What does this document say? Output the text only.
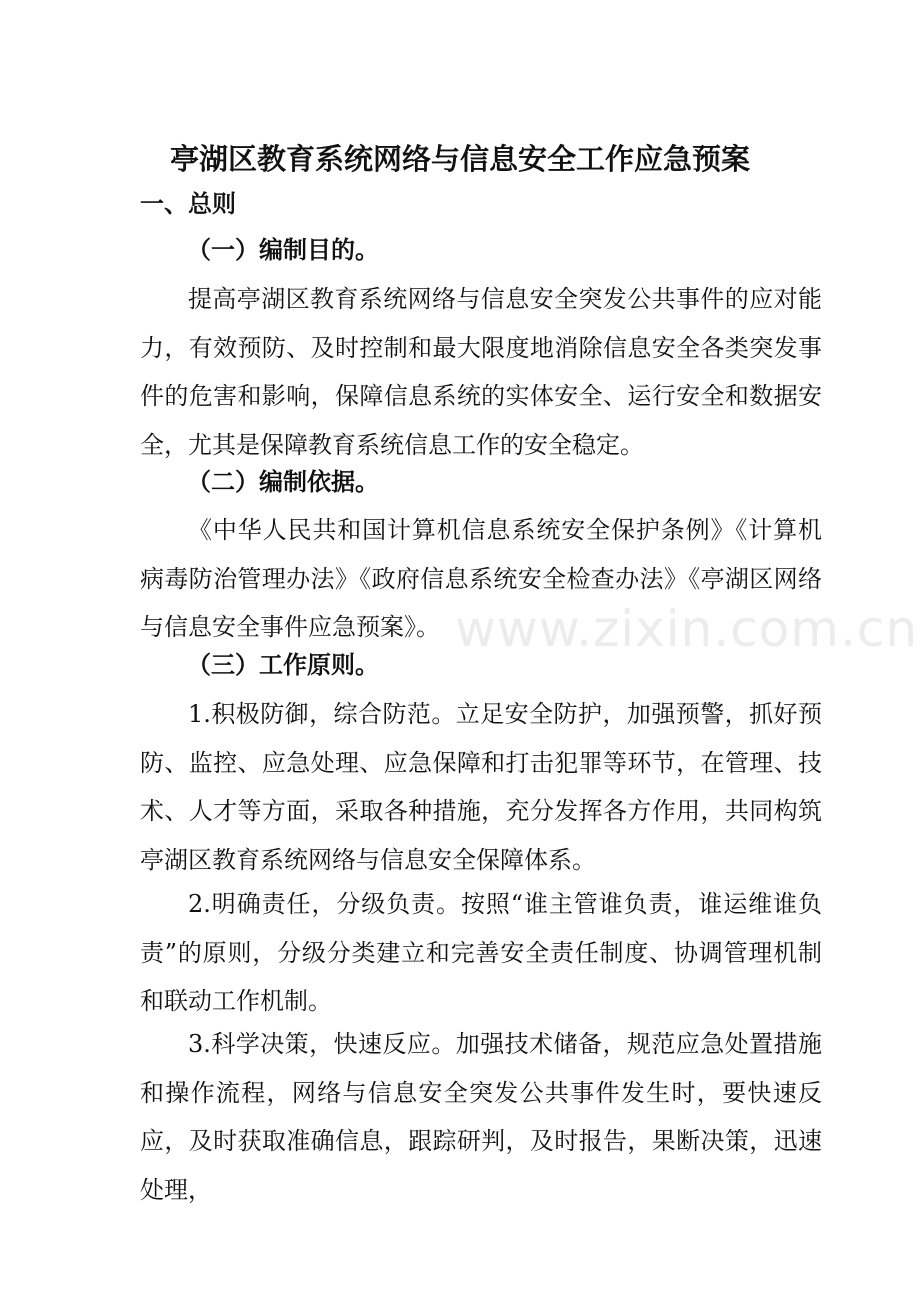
亭湖区教育系统网络与信息安全工作应急预案
一、总则
（一）编制目的。

提高亭湖区教育系统网络与信息安全突发公共事件的应对能力，有效预防、及时控制和最大限度地消除信息安全各类突发事件的危害和影响，保障信息系统的实体安全、运行安全和数据安全，尤其是保障教育系统信息工作的安全稳定。

（二）编制依据。

《中华人民共和国计算机信息系统安全保护条例》《计算机病毒防治管理办法》《政府信息系统安全检查办法》《亭湖区网络与信息安全事件应急预案》。

（三）工作原则。

1.积极防御，综合防范。立足安全防护，加强预警，抓好预防、监控、应急处理、应急保障和打击犯罪等环节，在管理、技术、人才等方面，采取各种措施，充分发挥各方作用，共同构筑亭湖区教育系统网络与信息安全保障体系。

2.明确责任，分级负责。按照“谁主管谁负责，谁运维谁负责”的原则，分级分类建立和完善安全责任制度、协调管理机制和联动工作机制。

3.科学决策，快速反应。加强技术储备，规范应急处置措施和操作流程，网络与信息安全突发公共事件发生时，要快速反应，及时获取准确信息，跟踪研判，及时报告，果断决策，迅速处理，

www.zixin.com.cn
